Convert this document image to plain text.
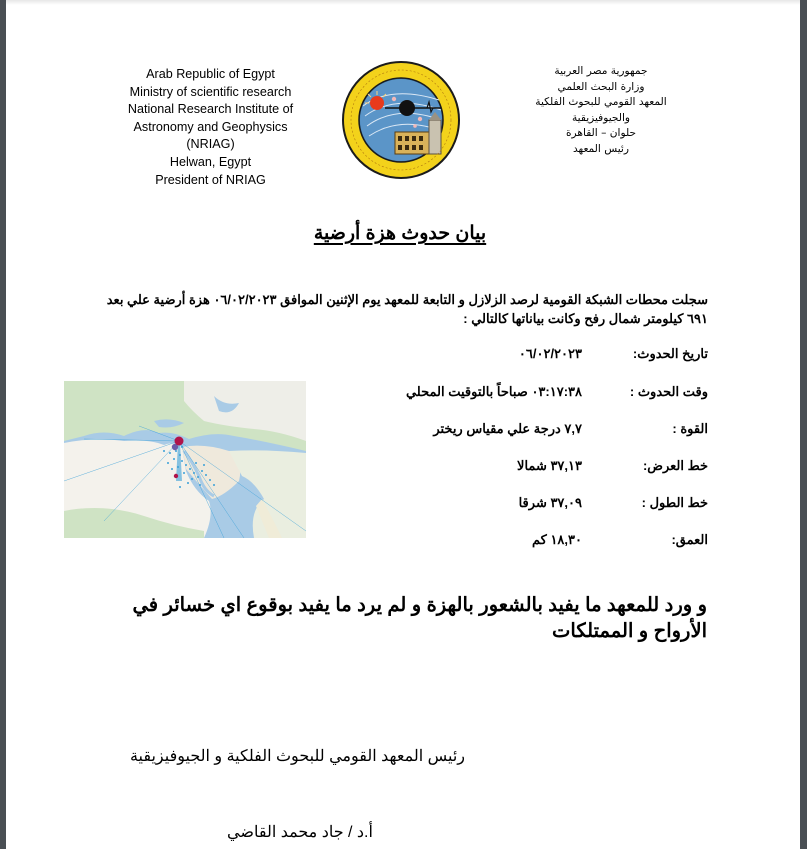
Arab Republic of Egypt
Ministry of scientific research
National Research Institute of
Astronomy and Geophysics
(NRIAG)
Helwan, Egypt
President of NRIAG
جمهورية مصر العربية
وزارة البحث العلمي
المعهد القومي للبحوث الفلكية
والجيوفيزيقية
حلوان – القاهرة
رئيس المعهد
بيان حدوث هزة أرضية
سجلت محطات الشبكة القومية لرصد الزلازل و التابعة للمعهد يوم الإثنين الموافق ٠٦/٠٢/٢٠٢٣ هزة أرضية علي بعد ٦٩١ كيلومتر شمال رفح وكانت بياناتها كالتالي :
تاريخ الحدوث:
٠٦/٠٢/٢٠٢٣
وقت الحدوث :
٠٣:١٧:٣٨ صباحاً بالتوقيت المحلي
القوة :
٧,٧ درجة علي مقياس ريختر
خط العرض:
٣٧,١٣ شمالا
خط الطول :
٣٧,٠٩ شرقا
العمق:
١٨,٣٠ كم
و ورد للمعهد ما يفيد بالشعور بالهزة و لم يرد ما يفيد بوقوع اي خسائر في الأرواح و الممتلكات
رئيس المعهد القومي للبحوث الفلكية و الجيوفيزيقية
أ.د / جاد محمد القاضي
